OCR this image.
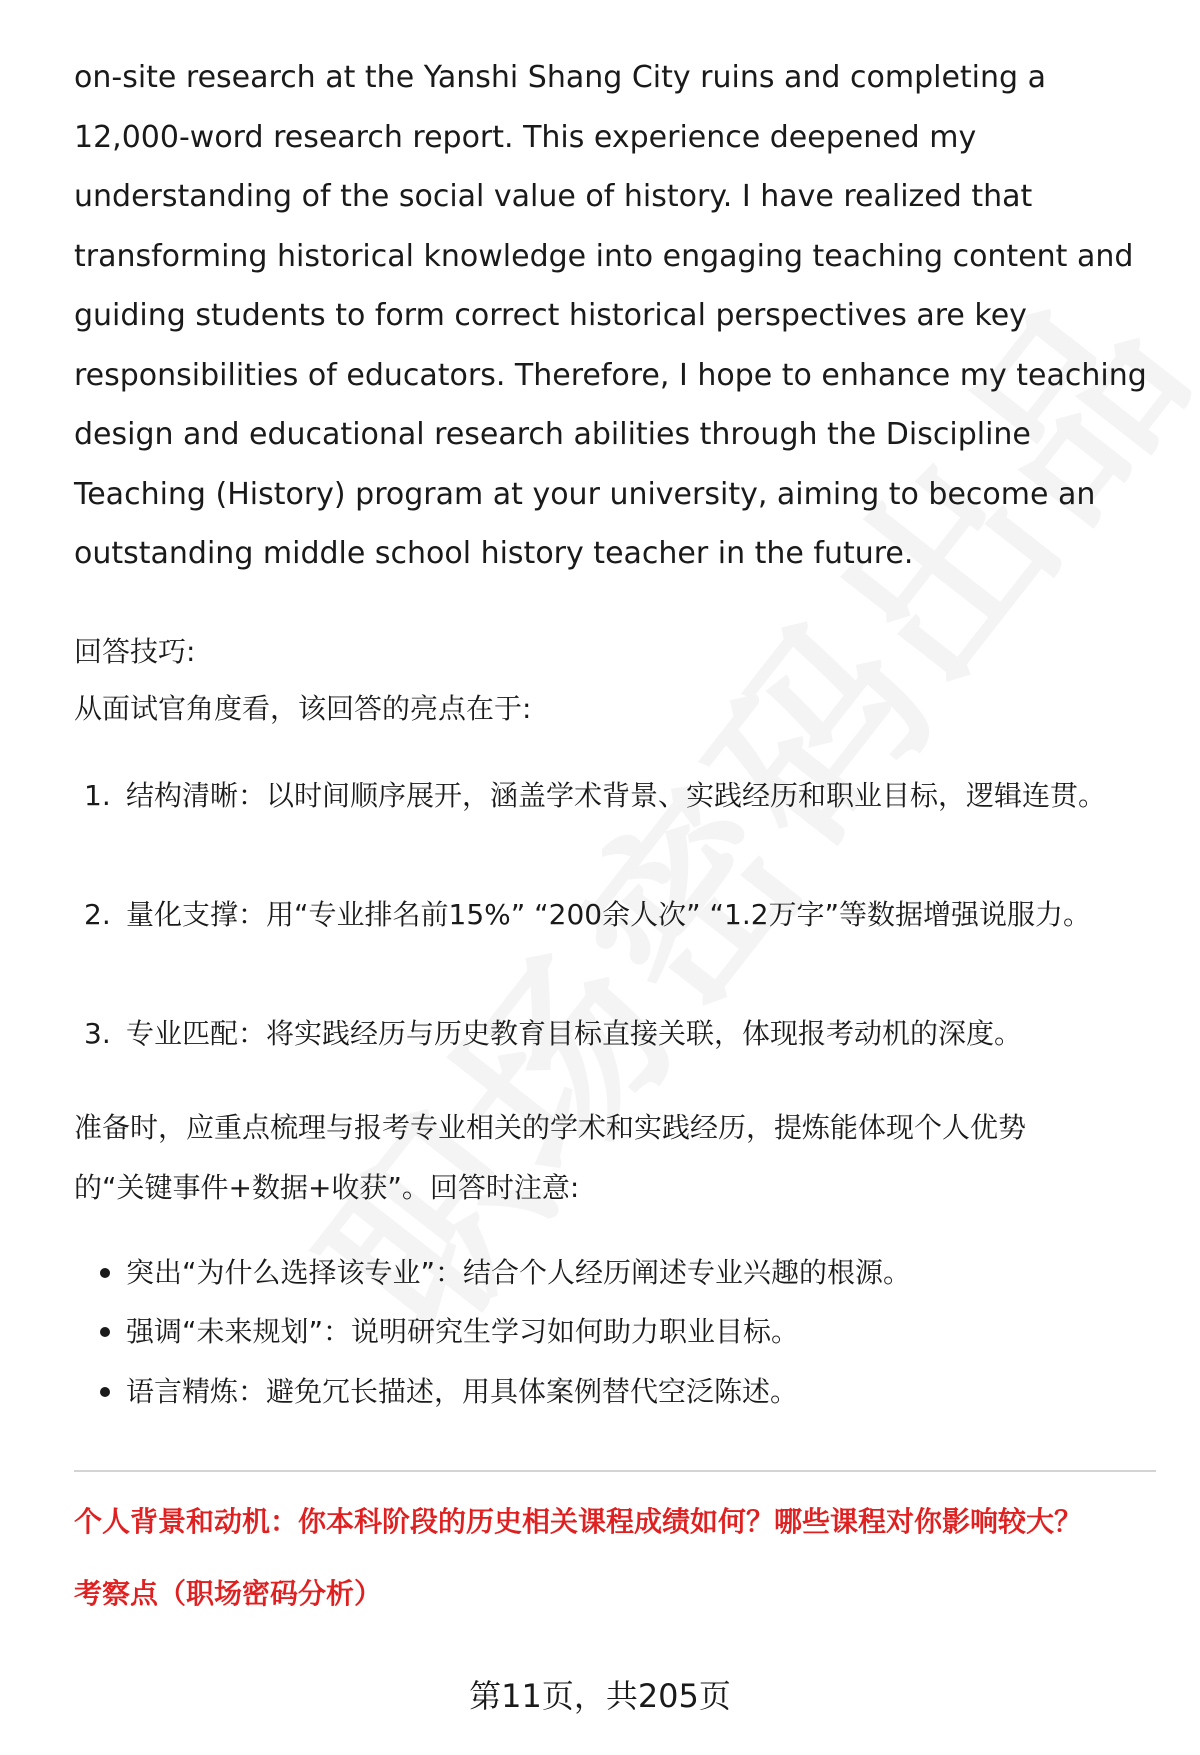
on-site research at the Yanshi Shang City ruins and completing a 12,000-word research report. This experience deepened my understanding of the social value of history. I have realized that transforming historical knowledge into engaging teaching content and guiding students to form correct historical perspectives are key responsibilities of educators. Therefore, I hope to enhance my teaching design and educational research abilities through the Discipline Teaching (History) program at your university, aiming to become an outstanding middle school history teacher in the future.

回答技巧:

从面试官角度看，该回答的亮点在于:

1. 结构清晰：以时间顺序展开，涵盖学术背景、实践经历和职业目标，逻辑连贯。
2. 量化支撑：用“专业排名前15%” “200余人次” “1.2万字”等数据增强说服力。
3. 专业匹配：将实践经历与历史教育目标直接关联，体现报考动机的深度。

准备时，应重点梳理与报考专业相关的学术和实践经历，提炼能体现个人优势的“关键事件+数据+收获”。回答时注意:

突出“为什么选择该专业”：结合个人经历阐述专业兴趣的根源。
强调“未来规划”：说明研究生学习如何助力职业目标。
语言精炼：避免冗长描述，用具体案例替代空泛陈述。
个人背景和动机：你本科阶段的历史相关课程成绩如何？哪些课程对你影响较大？
考察点（职场密码分析）
第11页，共205页
